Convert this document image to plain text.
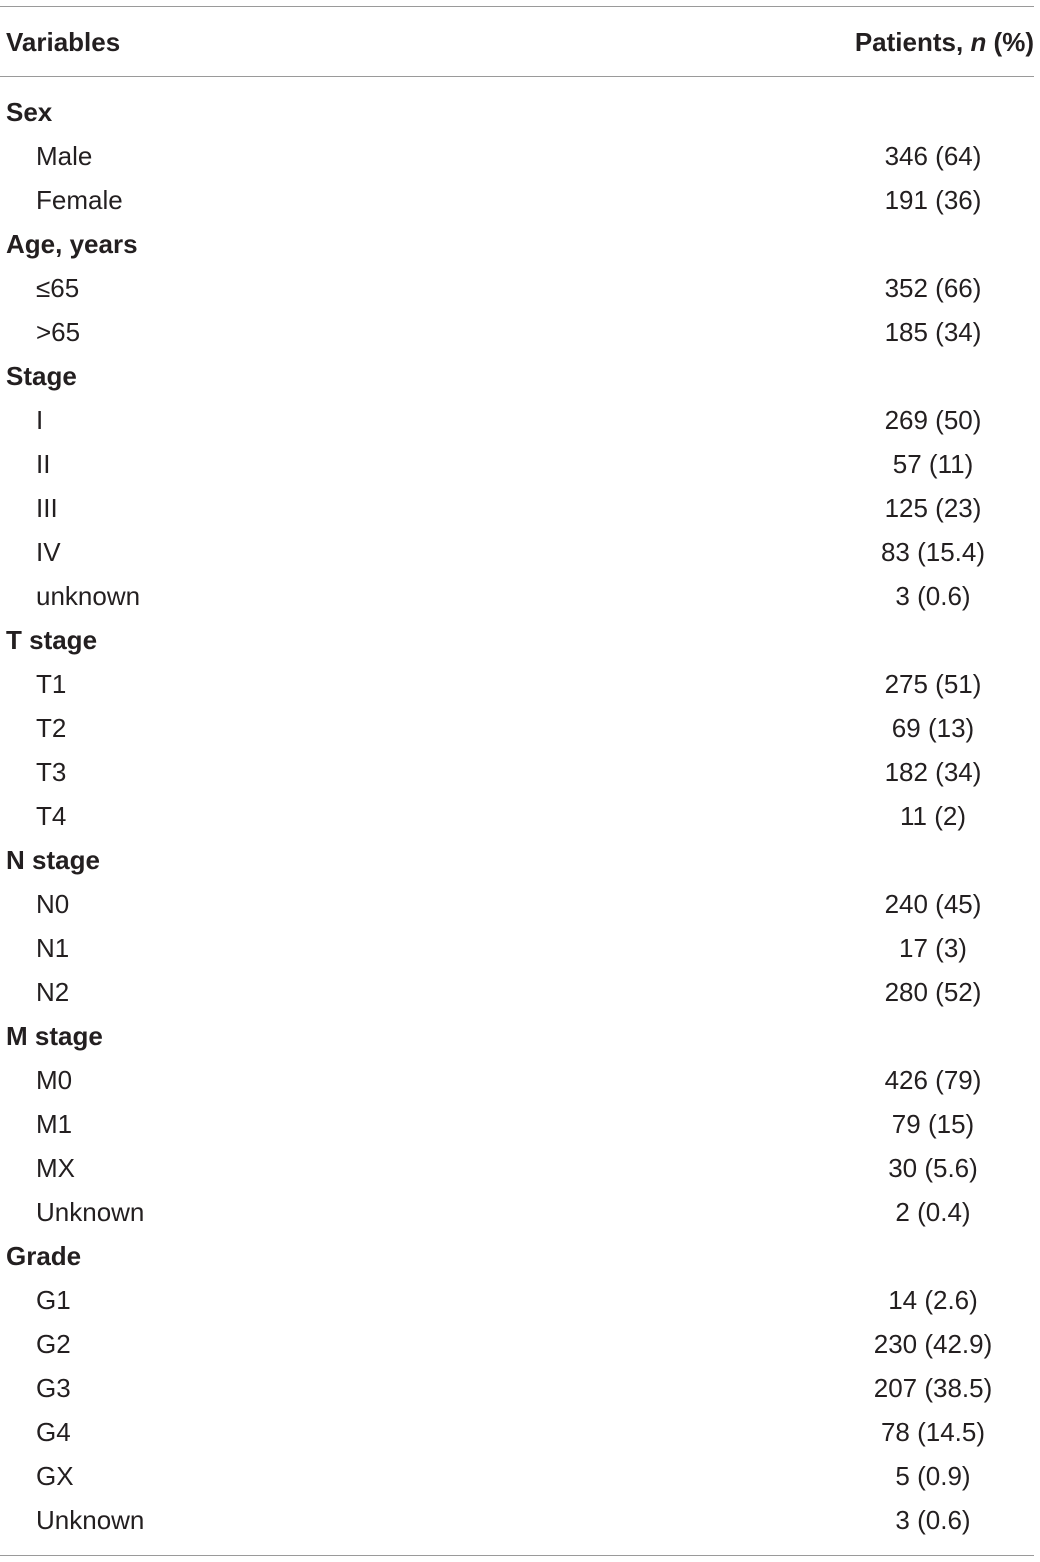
Variables	Patients, n (%)
Sex
Male	346 (64)
Female	191 (36)
Age, years
≤65	352 (66)
>65	185 (34)
Stage
I	269 (50)
II	57 (11)
III	125 (23)
IV	83 (15.4)
unknown	3 (0.6)
T stage
T1	275 (51)
T2	69 (13)
T3	182 (34)
T4	11 (2)
N stage
N0	240 (45)
N1	17 (3)
N2	280 (52)
M stage
M0	426 (79)
M1	79 (15)
MX	30 (5.6)
Unknown	2 (0.4)
Grade
G1	14 (2.6)
G2	230 (42.9)
G3	207 (38.5)
G4	78 (14.5)
GX	5 (0.9)
Unknown	3 (0.6)
